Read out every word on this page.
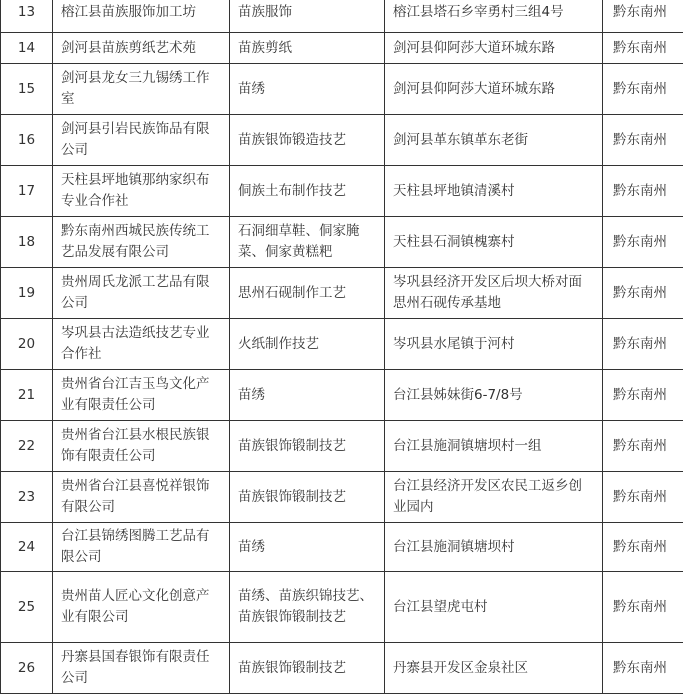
13	榕江县苗族服饰加工坊	苗族服饰	榕江县塔石乡宰勇村三组4号	黔东南州
14	剑河县苗族剪纸艺术苑	苗族剪纸	剑河县仰阿莎大道环城东路	黔东南州
15	剑河县龙女三九锡绣工作室	苗绣	剑河县仰阿莎大道环城东路	黔东南州
16	剑河县引岩民族饰品有限公司	苗族银饰锻造技艺	剑河县革东镇革东老街	黔东南州
17	天柱县坪地镇那纳家织布专业合作社	侗族土布制作技艺	天柱县坪地镇清溪村	黔东南州
18	黔东南州西城民族传统工艺品发展有限公司	石洞细草鞋、侗家腌菜、侗家黄糕粑	天柱县石洞镇槐寨村	黔东南州
19	贵州周氏龙派工艺品有限公司	思州石砚制作工艺	岑巩县经济开发区后坝大桥对面思州石砚传承基地	黔东南州
20	岑巩县古法造纸技艺专业合作社	火纸制作技艺	岑巩县水尾镇于河村	黔东南州
21	贵州省台江吉玉鸟文化产业有限责任公司	苗绣	台江县姊妹街6-7/8号	黔东南州
22	贵州省台江县水根民族银饰有限责任公司	苗族银饰锻制技艺	台江县施洞镇塘坝村一组	黔东南州
23	贵州省台江县喜悦祥银饰有限公司	苗族银饰锻制技艺	台江县经济开发区农民工返乡创业园内	黔东南州
24	台江县锦绣图腾工艺品有限公司	苗绣	台江县施洞镇塘坝村	黔东南州
25	贵州苗人匠心文化创意产业有限公司	苗绣、苗族织锦技艺、苗族银饰锻制技艺	台江县望虎屯村	黔东南州
26	丹寨县国春银饰有限责任公司	苗族银饰锻制技艺	丹寨县开发区金泉社区	黔东南州
